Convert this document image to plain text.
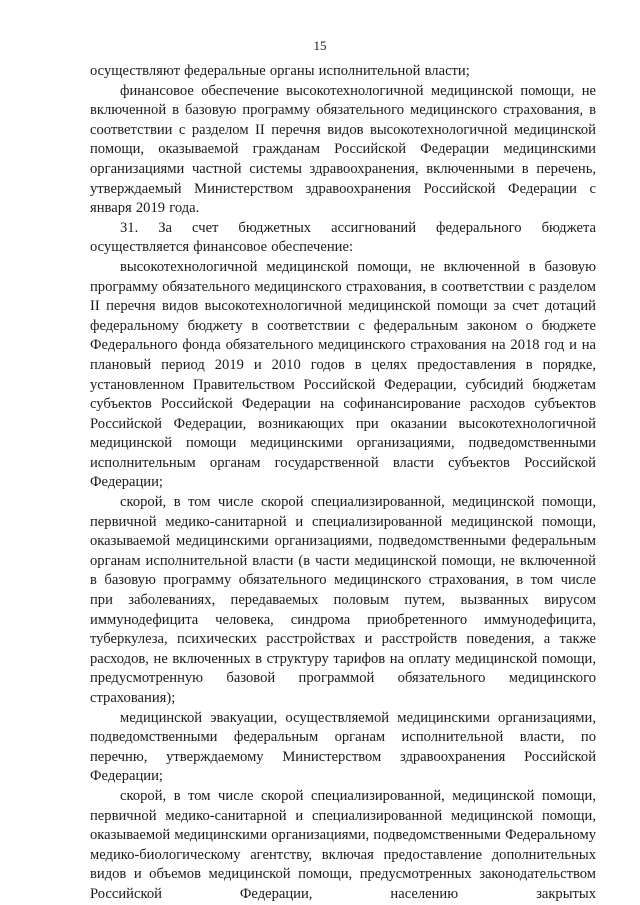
15

осуществляют федеральные органы исполнительной власти;

финансовое обеспечение высокотехнологичной медицинской помощи, не включенной в базовую программу обязательного медицинского страхования, в соответствии с разделом II перечня видов высокотехнологичной медицинской помощи, оказываемой гражданам Российской Федерации медицинскими организациями частной системы здравоохранения, включенными в перечень, утверждаемый Министерством здравоохранения Российской Федерации с января 2019 года.

31. За счет бюджетных ассигнований федерального бюджета осуществляется финансовое обеспечение:

высокотехнологичной медицинской помощи, не включенной в базовую программу обязательного медицинского страхования, в соответствии с разделом II перечня видов высокотехнологичной медицинской помощи за счет дотаций федеральному бюджету в соответствии с федеральным законом о бюджете Федерального фонда обязательного медицинского страхования на 2018 год и на плановый период 2019 и 2010 годов в целях предоставления в порядке, установленном Правительством Российской Федерации, субсидий бюджетам субъектов Российской Федерации на софинансирование расходов субъектов Российской Федерации, возникающих при оказании высокотехнологичной медицинской помощи медицинскими организациями, подведомственными исполнительным органам государственной власти субъектов Российской Федерации;

скорой, в том числе скорой специализированной, медицинской помощи, первичной медико-санитарной и специализированной медицинской помощи, оказываемой медицинскими организациями, подведомственными федеральным органам исполнительной власти (в части медицинской помощи, не включенной в базовую программу обязательного медицинского страхования, в том числе при заболеваниях, передаваемых половым путем, вызванных вирусом иммунодефицита человека, синдрома приобретенного иммунодефицита, туберкулеза, психических расстройствах и расстройств поведения, а также расходов, не включенных в структуру тарифов на оплату медицинской помощи, предусмотренную базовой программой обязательного медицинского страхования);

медицинской эвакуации, осуществляемой медицинскими организациями, подведомственными федеральным органам исполнительной власти, по перечню, утверждаемому Министерством здравоохранения Российской Федерации;

скорой, в том числе скорой специализированной, медицинской помощи, первичной медико-санитарной и специализированной медицинской помощи, оказываемой медицинскими организациями, подведомственными Федеральному медико-биологическому агентству, включая предоставление дополнительных видов и объемов медицинской помощи, предусмотренных законодательством Российской Федерации, населению закрытых
